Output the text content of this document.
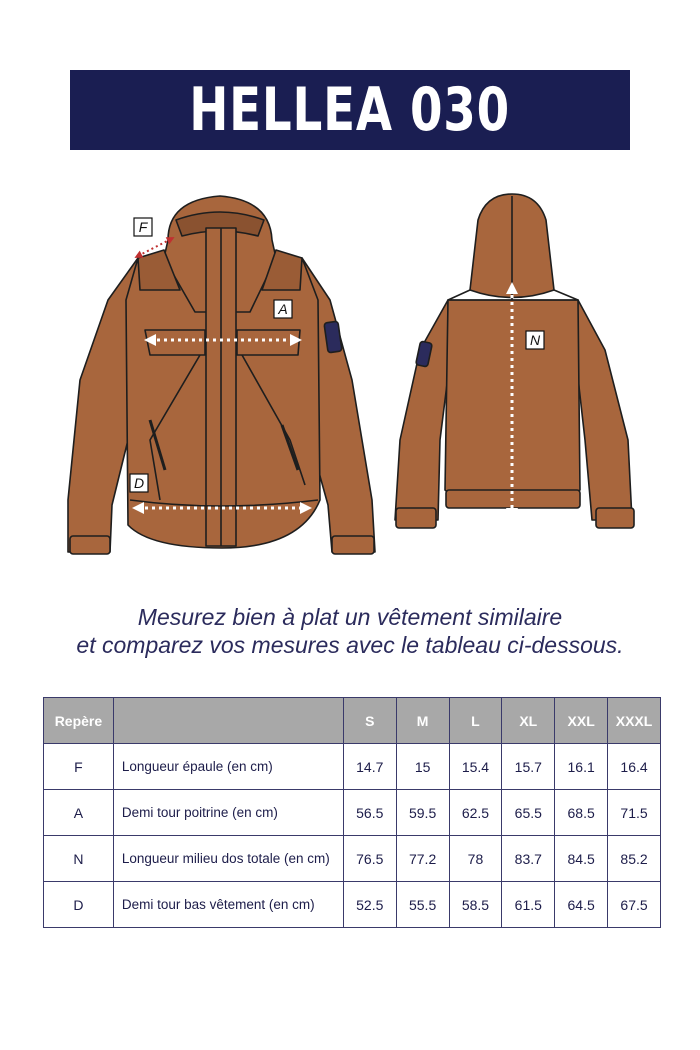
HELLEA 030
F
A
D
N
Mesurez bien à plat un vêtement similaire
et comparez vos mesures avec le tableau ci-dessous.
Repère		S	M	L	XL	XXL	XXXL
F	Longueur épaule (en cm)	14.7	15	15.4	15.7	16.1	16.4
A	Demi tour poitrine (en cm)	56.5	59.5	62.5	65.5	68.5	71.5
N	Longueur milieu dos totale (en cm)	76.5	77.2	78	83.7	84.5	85.2
D	Demi tour bas vêtement (en cm)	52.5	55.5	58.5	61.5	64.5	67.5
